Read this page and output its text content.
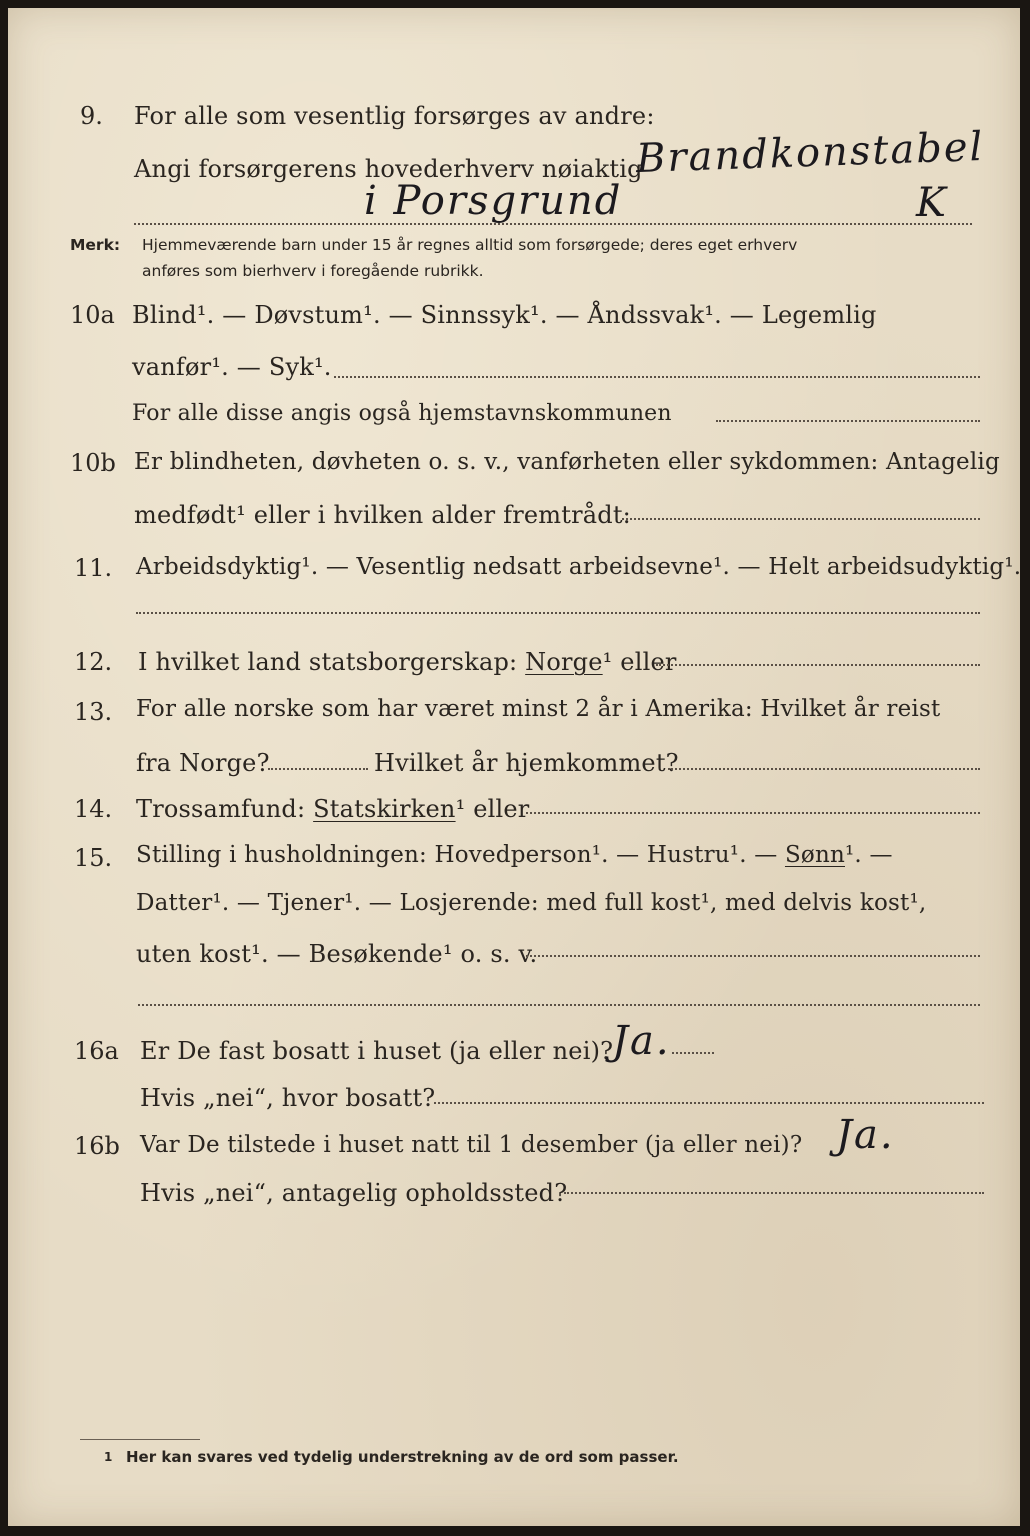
9. For alle som vesentlig forsørges av andre:
Angi forsørgerens hovederhverv nøiaktig
Brandkonstabel
i Porsgrund	K
Merk: Hjemmeværende barn under 15 år regnes alltid som forsørgede; deres eget erhverv
anføres som bierhverv i foregående rubrikk.
10a Blind¹. — Døvstum¹. — Sinnssyk¹. — Åndssvak¹. — Legemlig
vanfør¹. — Syk¹.
For alle disse angis også hjemstavnskommunen
10b Er blindheten, døvheten o. s. v., vanførheten eller sykdommen: Antagelig
medfødt¹ eller i hvilken alder fremtrådt:
11. Arbeidsdyktig¹. — Vesentlig nedsatt arbeidsevne¹. — Helt arbeidsudyktig¹.
12. I hvilket land statsborgerskap: Norge¹ eller
13. For alle norske som har været minst 2 år i Amerika: Hvilket år reist
fra Norge?	Hvilket år hjemkommet?
14. Trossamfund: Statskirken¹ eller
15. Stilling i husholdningen: Hovedperson¹. — Hustru¹. — Sønn¹. —
Datter¹. — Tjener¹. — Losjerende: med full kost¹, med delvis kost¹,
uten kost¹. — Besøkende¹ o. s. v.
16a Er De fast bosatt i huset (ja eller nei)?
Ja.
Hvis „nei“, hvor bosatt?
16b Var De tilstede i huset natt til 1 desember (ja eller nei)? Ja.
Hvis „nei“, antagelig opholdssted?
1 Her kan svares ved tydelig understrekning av de ord som passer.
